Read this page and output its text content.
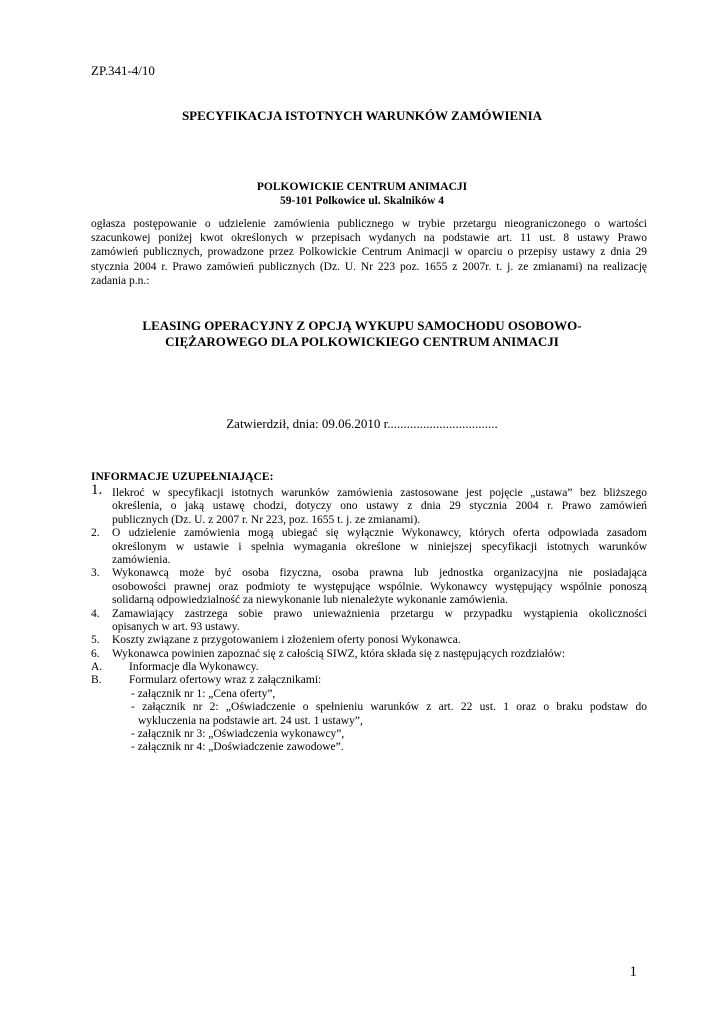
ZP.341-4/10
SPECYFIKACJA ISTOTNYCH WARUNKÓW ZAMÓWIENIA
POLKOWICKIE CENTRUM ANIMACJI
59-101 Polkowice ul. Skalników 4
ogłasza postępowanie o udzielenie zamówienia publicznego w trybie przetargu nieograniczonego o wartości
szacunkowej poniżej kwot określonych w przepisach wydanych na podstawie art. 11 ust. 8 ustawy Prawo
zamówień publicznych, prowadzone przez Polkowickie Centrum Animacji w oparciu o przepisy ustawy z dnia 29
stycznia 2004 r. Prawo zamówień publicznych (Dz. U. Nr 223 poz. 1655 z 2007r. t. j. ze zmianami) na realizację
zadania p.n.:
LEASING OPERACYJNY Z OPCJĄ WYKUPU SAMOCHODU OSOBOWO-
CIĘŻAROWEGO DLA POLKOWICKIEGO CENTRUM ANIMACJI
Zatwierdził, dnia: 09.06.2010 r..................................
INFORMACJE UZUPEŁNIAJĄCE:
1. Ilekroć w specyfikacji istotnych warunków zamówienia zastosowane jest pojęcie „ustawa” bez bliższego
określenia, o jaką ustawę chodzi, dotyczy ono ustawy z dnia 29 stycznia 2004 r. Prawo zamówień
publicznych (Dz. U. z 2007 r. Nr 223, poz. 1655 t. j. ze zmianami).
2. O udzielenie zamówienia mogą ubiegać się wyłącznie Wykonawcy, których oferta odpowiada zasadom
określonym w ustawie i spełnia wymagania określone w niniejszej specyfikacji istotnych warunków
zamówienia.
3. Wykonawcą może być osoba fizyczna, osoba prawna lub jednostka organizacyjna nie posiadająca
osobowości prawnej oraz podmioty te występujące wspólnie. Wykonawcy występujący wspólnie ponoszą
solidarną odpowiedzialność za niewykonanie lub nienależyte wykonanie zamówienia.
4. Zamawiający zastrzega sobie prawo unieważnienia przetargu w przypadku wystąpienia okoliczności
opisanych w art. 93 ustawy.
5. Koszty związane z przygotowaniem i złożeniem oferty ponosi Wykonawca.
6. Wykonawca powinien zapoznać się z całością SIWZ, która składa się z następujących rozdziałów:
A. Informacje dla Wykonawcy.
B. Formularz ofertowy wraz z załącznikami:
- załącznik nr 1: „Cena oferty”,
- załącznik nr 2: „Oświadczenie o spełnieniu warunków z art. 22 ust. 1 oraz o braku podstaw do
wykluczenia na podstawie art. 24 ust. 1 ustawy”,
- załącznik nr 3: „Oświadczenia wykonawcy”,
- załącznik nr 4: „Doświadczenie zawodowe”.
1
